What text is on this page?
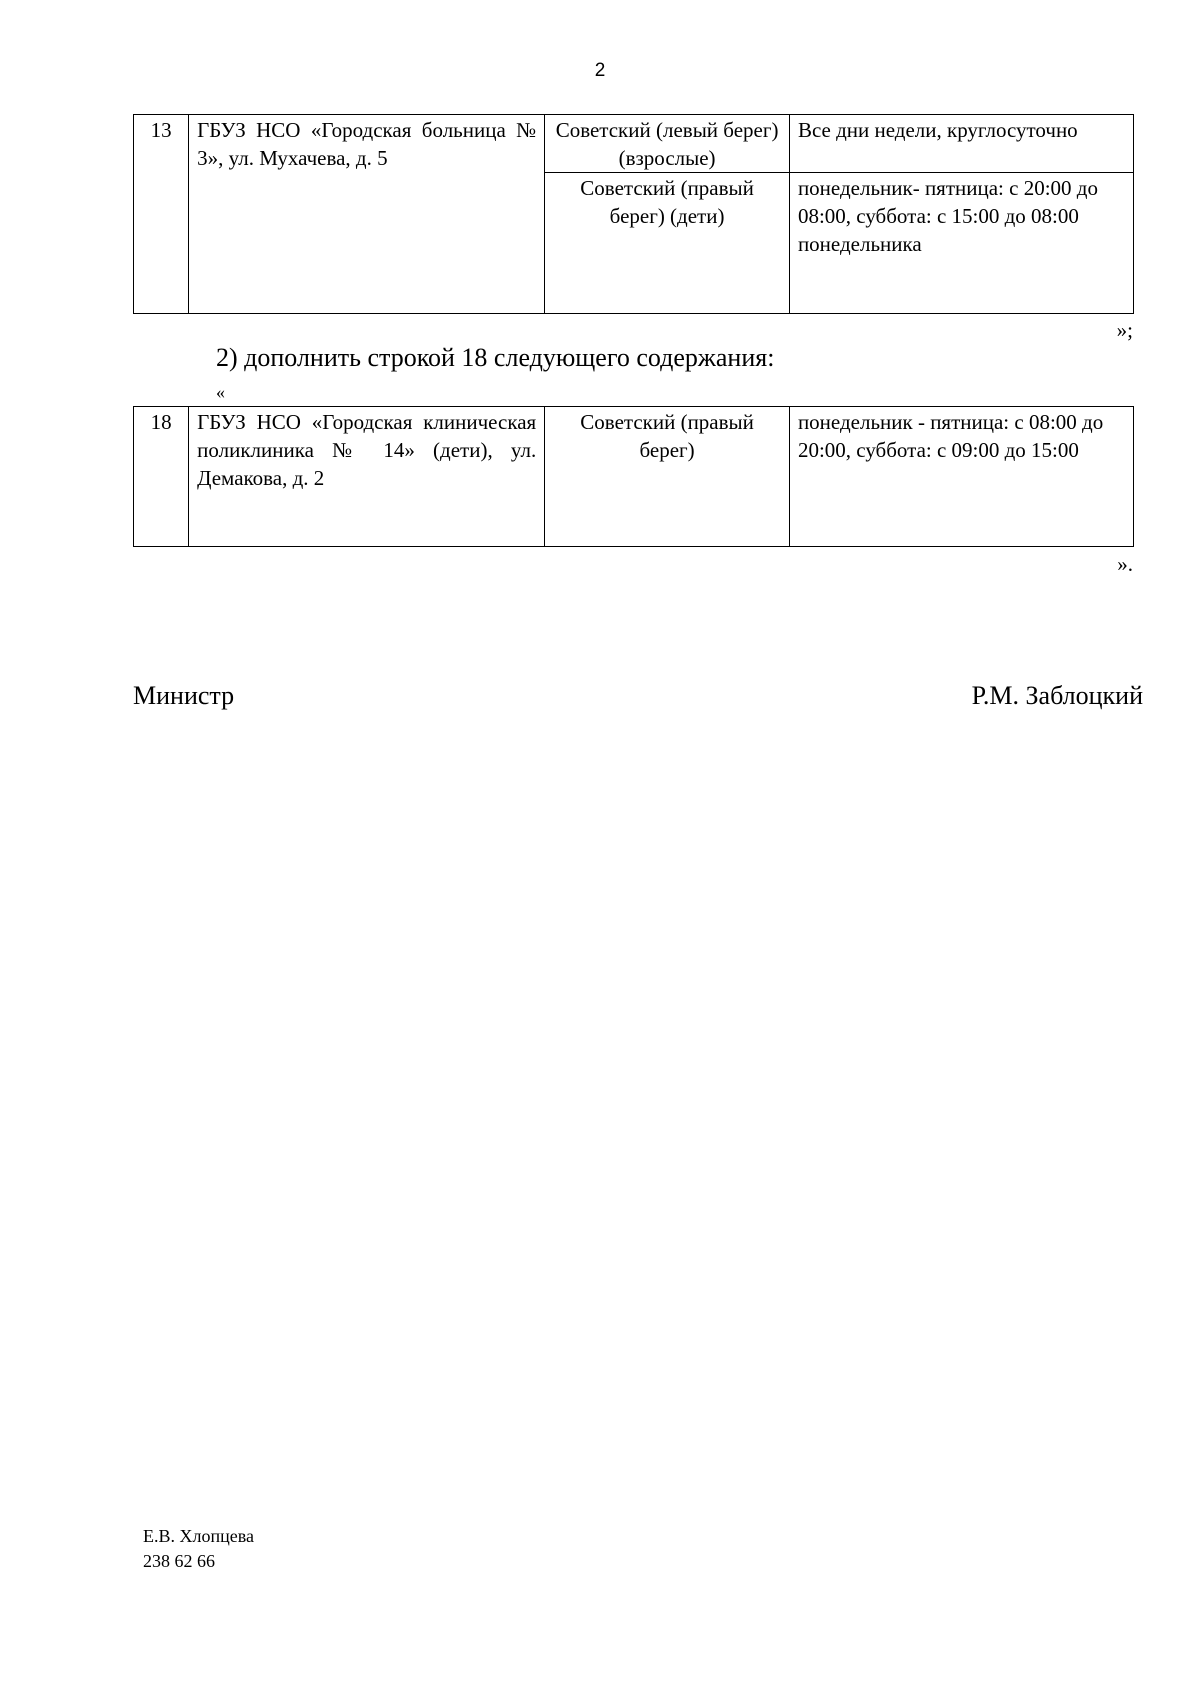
2
13	ГБУЗ НСО «Городская больница № 3», ул. Мухачева, д. 5	Советский (левый берег) (взрослые)	Все дни недели, круглосуточно
		Советский (правый берег) (дети)	понедельник- пятница: с 20:00 до 08:00, суббота: с 15:00 до 08:00 понедельника
»;
2) дополнить строкой 18 следующего содержания:
«
18	ГБУЗ НСО «Городская клиническая поликлиника № 14» (дети), ул. Демакова, д. 2	Советский (правый берег)	понедельник - пятница: с 08:00 до 20:00, суббота: с 09:00 до 15:00
».
Министр	Р.М. Заблоцкий
Е.В. Хлопцева
238 62 66
